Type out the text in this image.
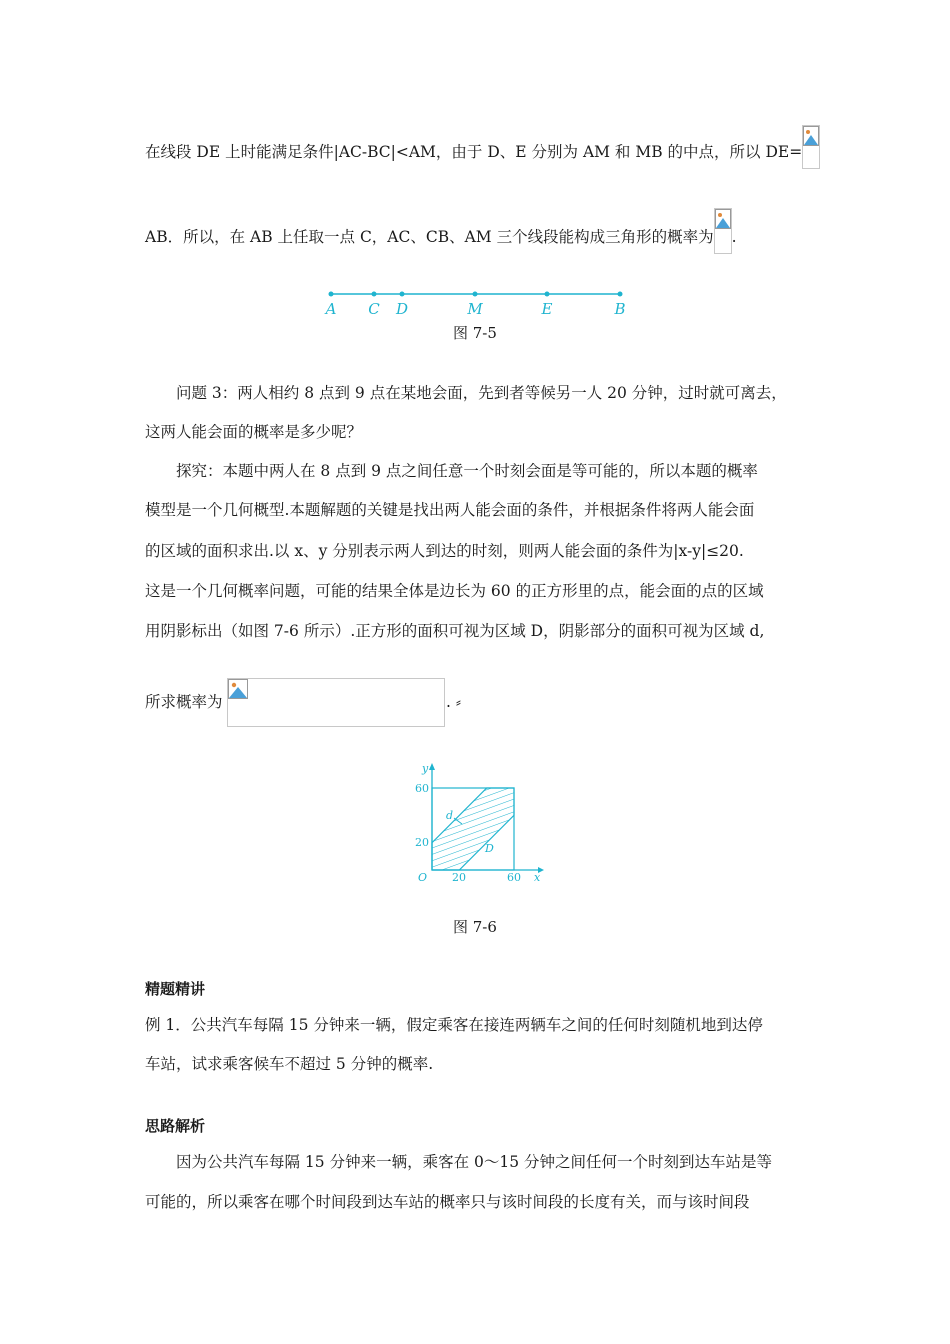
在线段 DE 上时能满足条件|AC-BC|<AM，由于 D、E 分别为 AM 和 MB 的中点，所以 DE=
AB．所以，在 AB 上任取一点 C，AC、CB、AM 三个线段能构成三角形的概率为 .
A C D	M	E	B
图 7-5
问题 3：两人相约 8 点到 9 点在某地会面，先到者等候另一人 20 分钟，过时就可离去，
这两人能会面的概率是多少呢？
探究：本题中两人在 8 点到 9 点之间任意一个时刻会面是等可能的，所以本题的概率
模型是一个几何概型.本题解题的关键是找出两人能会面的条件，并根据条件将两人能会面
的区域的面积求出.以 x、y 分别表示两人到达的时刻，则两人能会面的条件为|x-y|≤20.
这是一个几何概率问题，可能的结果全体是边长为 60 的正方形里的点，能会面的点的区域
用阴影标出（如图 7-6 所示）.正方形的面积可视为区域 D，阴影部分的面积可视为区域 d,
所求概率为	. ⸗
y
x
O
60
20
20	60
d
D
图 7-6
精题精讲
例 1．公共汽车每隔 15 分钟来一辆，假定乘客在接连两辆车之间的任何时刻随机地到达停
车站，试求乘客候车不超过 5 分钟的概率.
思路解析
因为公共汽车每隔 15 分钟来一辆，乘客在 0～15 分钟之间任何一个时刻到达车站是等
可能的，所以乘客在哪个时间段到达车站的概率只与该时间段的长度有关，而与该时间段
